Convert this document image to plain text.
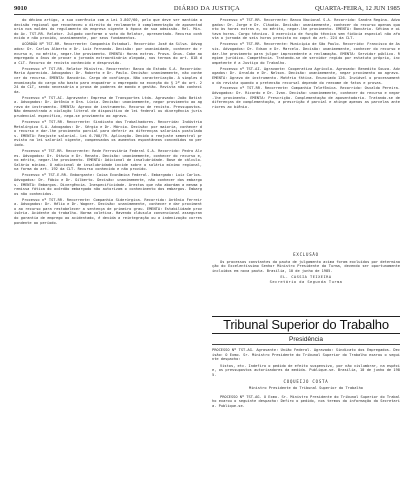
9010	DIÁRIO DA JUSTIÇA	QUARTA-FEIRA, 12 JUN 1985

do décimo artigo, a sua coerência com a Lei 3.807/60, pelo que deve ser mantida a decisão regional que reconheceu o direito do reclamante à complementação de aposentadoria nos moldes do regulamento da empresa vigente à época de sua admissão. Rel. Min. do Ac. TST-RR. Relator. Julgado conforme o voto do Relator, apresentado. Recurso conhecido e não provido, unanimemente, por seus fundamentos.

ACÓRDÃO Nº TST-RR. Recorrente: Companhia Estadual. Recorrido: José da Silva. Advogados: Dr. Carlos Alberto e Dr. Luiz Fernando. Decisão: por unanimidade, conhecer do recurso e, no mérito, negar-lhe provimento. EMENTA: Horas extras. Prova. Ônus. Cabe ao empregado o ônus de provar a jornada extraordinária alegada, nos termos do art. 818 da CLT. Recurso de revista conhecido e desprovido.

Processo nº TST-RR. Relator Ministro. Recorrente: Banco do Estado S.A. Recorrida: Maria Aparecida. Advogados: Dr. Roberto e Dr. Paulo. Decisão: unanimemente, não conhecer do recurso. EMENTA: Bancário. Cargo de confiança. Não caracterização. A simples denominação do cargo não basta para enquadrar o empregado na exceção do § 2º do art. 224 da CLT, sendo necessária a prova de poderes de mando e gestão. Revista não conhecida.

Processo nº TST-AI. Agravante: Empresa de Transportes Ltda. Agravado: João Batista. Advogados: Dr. Antônio e Dra. Lúcia. Decisão: unanimemente, negar provimento ao agravo de instrumento. EMENTA: Agravo de instrumento. Recurso de revista. Pressupostos. Não demonstrada a violação literal de dispositivo de lei federal ou divergência jurisprudencial específica, nega-se provimento ao agravo.

Processo nº TST-RR. Recorrente: Sindicato dos Trabalhadores. Recorrida: Indústria Metalúrgica S.A. Advogados: Dr. Sérgio e Dr. Márcio. Decisão: por maioria, conhecer do recurso e dar-lhe provimento parcial para deferir as diferenças salariais postuladas. EMENTA: Reajuste salarial. Lei 6.708/79. Aplicação. Devido o reajuste semestral previsto na lei salarial vigente, compensados os aumentos espontâneos concedidos no período.

Processo nº TST-RR. Recorrente: Rede Ferroviária Federal S.A. Recorrido: Pedro Alves. Advogados: Dr. Otávio e Dr. Renato. Decisão: unanimemente, conhecer do recurso e, no mérito, negar-lhe provimento. EMENTA: Adicional de insalubridade. Base de cálculo. Salário mínimo. O adicional de insalubridade incide sobre o salário mínimo regional, na forma do art. 192 da CLT. Recurso conhecido e não provido.

Processo nº TST-E-RR. Embargante: Caixa Econômica Federal. Embargado: Luiz Carlos. Advogados: Dr. Fábio e Dr. Gilberto. Decisão: unanimemente, não conhecer dos embargos. EMENTA: Embargos. Divergência. Inespecificidade. Arestos que não abordam a mesma premissa fática do acórdão embargado não autorizam o conhecimento dos embargos. Embargos não conhecidos.

Processo nº TST-RR. Recorrente: Companhia Siderúrgica. Recorrido: Antônio Ferreira. Advogados: Dr. Hélio e Dr. Wagner. Decisão: unanimemente, conhecer e dar provimento ao recurso para restabelecer a sentença de primeiro grau. EMENTA: Estabilidade provisória. Acidente do trabalho. Norma coletiva. Havendo cláusula convencional assegurando garantia de emprego ao acidentado, é devida a reintegração ou a indenização correspondente ao período.

Processo nº TST-RR. Recorrente: Banco Nacional S.A. Recorrida: Sandra Regina. Advogados: Dr. Jorge e Dr. Cláudio. Decisão: unanimemente, conhecer do recurso apenas quanto às horas extras e, no mérito, negar-lhe provimento. EMENTA: Bancário. Sétima e oitava horas. Cargo técnico. O exercício de função técnica sem fidúcia especial não afasta a jornada de seis horas prevista no caput do art. 224 da CLT.

Processo nº TST-RR. Recorrente: Município de São Paulo. Recorrido: Francisco de Assis. Advogados: Dr. Edson e Dr. Marcelo. Decisão: unanimemente, conhecer do recurso e dar-lhe provimento para julgar improcedente a reclamação. EMENTA: Servidor público. Regime jurídico. Competência. Tratando-se de servidor regido por estatuto próprio, incompetente é a Justiça do Trabalho.

Processo nº TST-AI. Agravante: Cooperativa Agrícola. Agravado: Benedito Souza. Advogados: Dr. Arnaldo e Dr. Nelson. Decisão: unanimemente, negar provimento ao agravo. EMENTA: Agravo de instrumento. Matéria fática. Enunciado 126. Inviável o processamento da revista quando a pretensão recursal depende do reexame de fatos e provas.

Processo nº TST-RR. Recorrente: Companhia Telefônica. Recorrido: Osvaldo Pereira. Advogados: Dr. Ricardo e Dr. Ivan. Decisão: unanimemente, conhecer do recurso e negar-lhe provimento. EMENTA: Prescrição. Complementação de aposentadoria. Tratando-se de diferenças de complementação, a prescrição é parcial e atinge apenas as parcelas anteriores ao biênio.

EXCLUSÃO

Os processos constantes da pauta de julgamento acima foram excluídos por determinação do Excelentíssimo Senhor Ministro Presidente da Turma, devendo ser oportunamente incluídos em nova pauta. Brasília, 10 de junho de 1985.

EL. CASSIA TEIXEIRA
Secretário da Segunda Turma
Tribunal Superior do Trabalho
Presidência

PROCESSO Nº TST-AG. Agravante: União Federal. Agravado: Sindicato dos Empregados. Decisão: O Exmo. Sr. Ministro Presidente do Tribunal Superior do Trabalho exarou o seguinte despacho:

Vistos, etc. Indefiro o pedido de efeito suspensivo, por não vislumbrar, na espécie, os pressupostos autorizadores da medida. Publique-se. Brasília, 10 de junho de 1985.

COQUEIJO COSTA
Ministro Presidente do Tribunal Superior do Trabalho

PROCESSO Nº TST-AG. O Exmo. Sr. Ministro Presidente do Tribunal Superior do Trabalho exarou o seguinte despacho: Defiro o pedido, nos termos da informação da Secretaria. Publique-se.
